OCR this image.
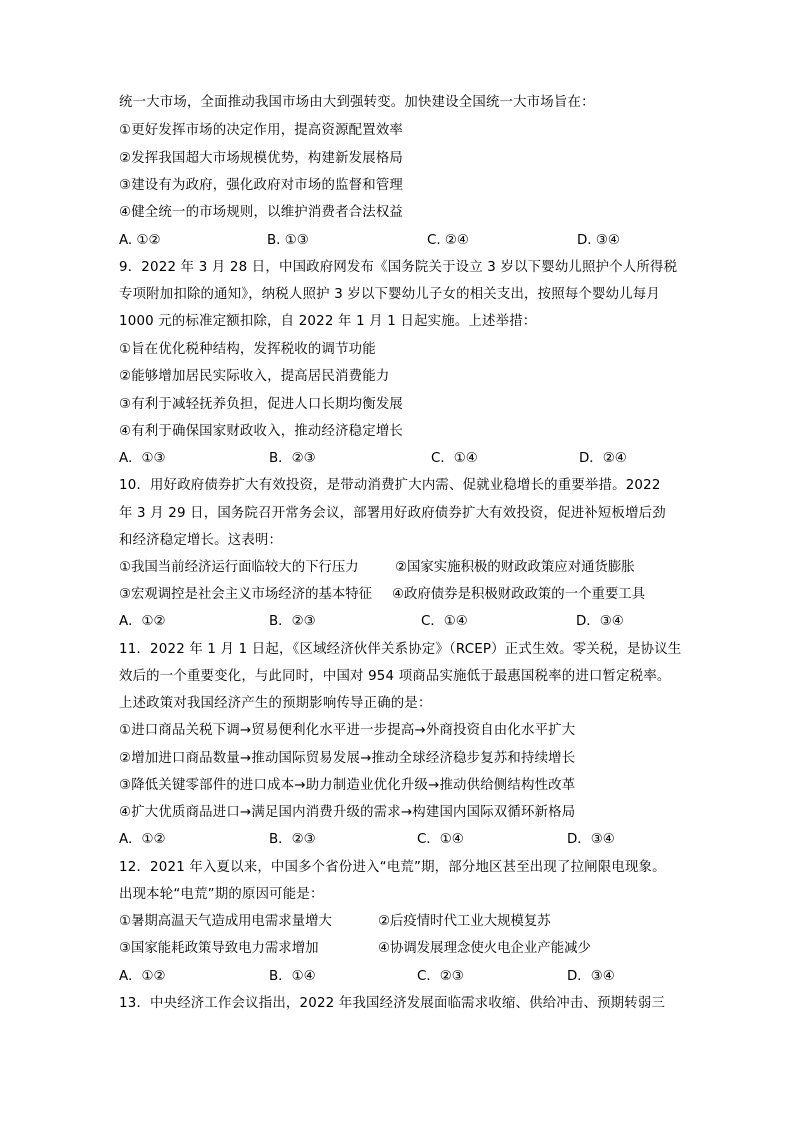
统一大市场，全面推动我国市场由大到强转变。加快建设全国统一大市场旨在：
①更好发挥市场的决定作用，提高资源配置效率
②发挥我国超大市场规模优势，构建新发展格局
③建设有为政府，强化政府对市场的监督和管理
④健全统一的市场规则，以维护消费者合法权益
A. ①②	B. ①③	C. ②④	D. ③④
9．2022 年 3 月 28 日，中国政府网发布《国务院关于设立 3 岁以下婴幼儿照护个人所得税
专项附加扣除的通知》，纳税人照护 3 岁以下婴幼儿子女的相关支出，按照每个婴幼儿每月
1000 元的标准定额扣除，自 2022 年 1 月 1 日起实施。上述举措：
①旨在优化税种结构，发挥税收的调节功能
②能够增加居民实际收入，提高居民消费能力
③有利于减轻抚养负担，促进人口长期均衡发展
④有利于确保国家财政收入，推动经济稳定增长
A．①③	B．②③	C．①④	D．②④
10．用好政府债券扩大有效投资，是带动消费扩大内需、促就业稳增长的重要举措。2022
年 3 月 29 日，国务院召开常务会议，部署用好政府债券扩大有效投资，促进补短板增后劲
和经济稳定增长。这表明：
①我国当前经济运行面临较大的下行压力	②国家实施积极的财政政策应对通货膨胀
③宏观调控是社会主义市场经济的基本特征 ④政府债券是积极财政政策的一个重要工具
A．①②	B．②③	C．①④	D．③④
11．2022 年 1 月 1 日起，《区域经济伙伴关系协定》（RCEP）正式生效。零关税，是协议生
效后的一个重要变化，与此同时，中国对 954 项商品实施低于最惠国税率的进口暂定税率。
上述政策对我国经济产生的预期影响传导正确的是：
①进口商品关税下调→贸易便利化水平进一步提高→外商投资自由化水平扩大
②增加进口商品数量→推动国际贸易发展→推动全球经济稳步复苏和持续增长
③降低关键零部件的进口成本→助力制造业优化升级→推动供给侧结构性改革
④扩大优质商品进口→满足国内消费升级的需求→构建国内国际双循环新格局
A．①②	B．②③	C．①④	D．③④
12．2021 年入夏以来，中国多个省份进入“电荒”期，部分地区甚至出现了拉闸限电现象。
出现本轮“电荒”期的原因可能是：
①暑期高温天气造成用电需求量增大	②后疫情时代工业大规模复苏
③国家能耗政策导致电力需求增加	④协调发展理念使火电企业产能减少
A．①②	B．①④	C．②③	D．③④
13．中央经济工作会议指出，2022 年我国经济发展面临需求收缩、供给冲击、预期转弱三
